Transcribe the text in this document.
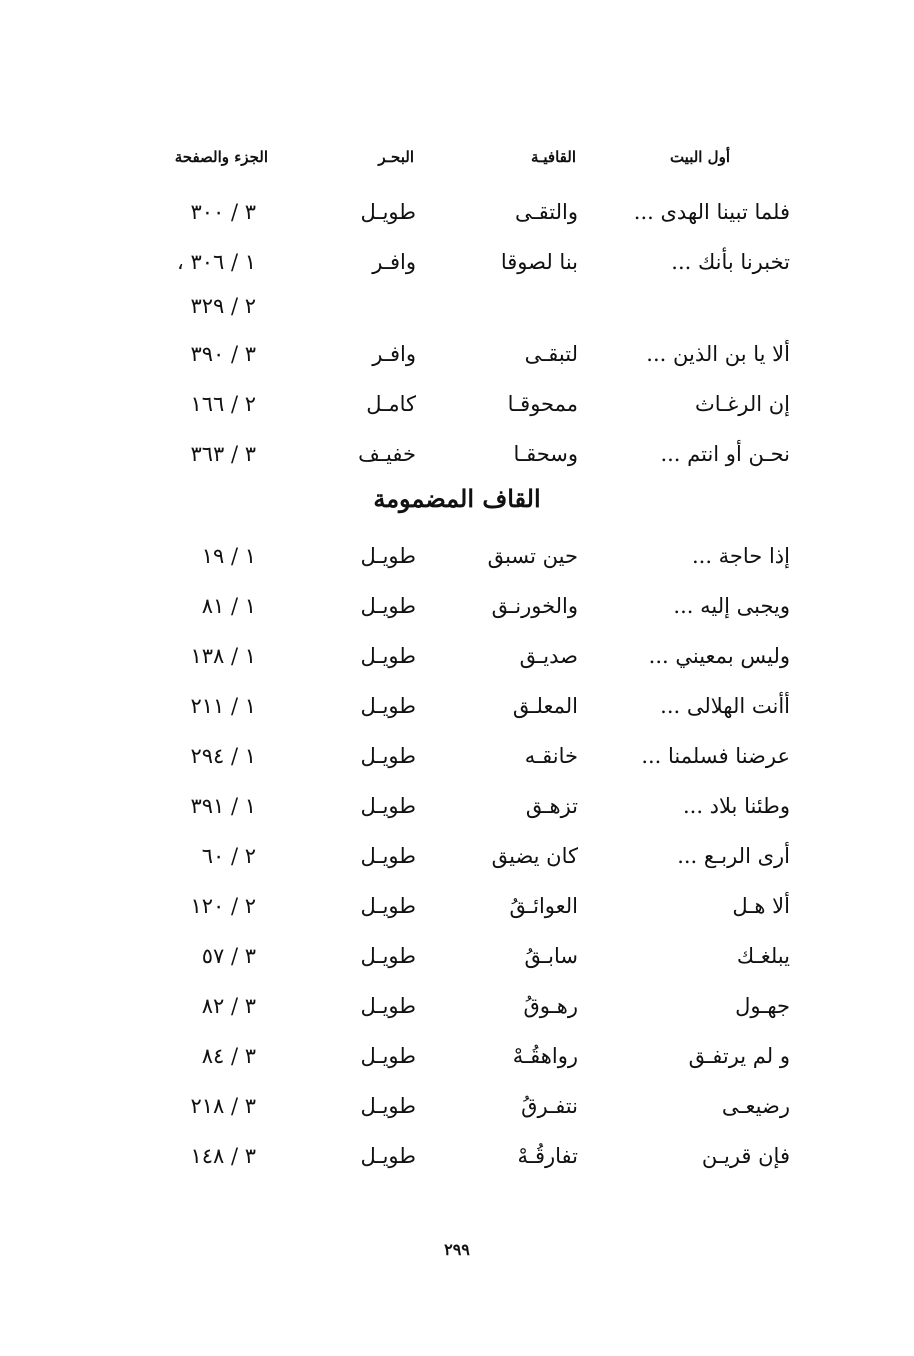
أول البيت
القافيـة
البحـر
الجزء والصفحة
فلما تبينا الهدى ...
والتقـى
طويـل
٣ / ٣٠٠
تخبرنا بأنك ...
بنا لصوقا
وافـر
١ / ٣٠٦ ،
٢ / ٣٢٩
ألا يا بن الذين ...
لتبقـى
وافـر
٣ / ٣٩٠
إن الرغـاث
ممحوقـا
كامـل
٢ / ١٦٦
نحـن أو انتم ...
وسحقـا
خفيـف
٣ / ٣٦٣
القاف المضمومة
إذا حاجة ...
حين تسبق
طويـل
١ / ١٩
ويجبى إليه ...
والخورنـق
طويـل
١ / ٨١
وليس بمعيني ...
صديـق
طويـل
١ / ١٣٨
أأنت الهلالى ...
المعلـق
طويـل
١ / ٢١١
عرضنا فسلمنا ...
خانقـه
طويـل
١ / ٢٩٤
وطئنا بلاد ...
تزهـق
طويـل
١ / ٣٩١
أرى الربـع ...
كان يضيق
طويـل
٢ / ٦٠
ألا هـل
العوائـقُ
طويـل
٢ / ١٢٠
يبلغـك
سابـقُ
طويـل
٣ / ٥٧
جهـول
رهـوقُ
طويـل
٣ / ٨٢
و لم يرتفـق
رواهقُـهْ
طويـل
٣ / ٨٤
رضيعـى
نتفـرقُ
طويـل
٣ / ٢١٨
فإن قريـن
تفارقُـهْ
طويـل
٣ / ١٤٨
٢٩٩
